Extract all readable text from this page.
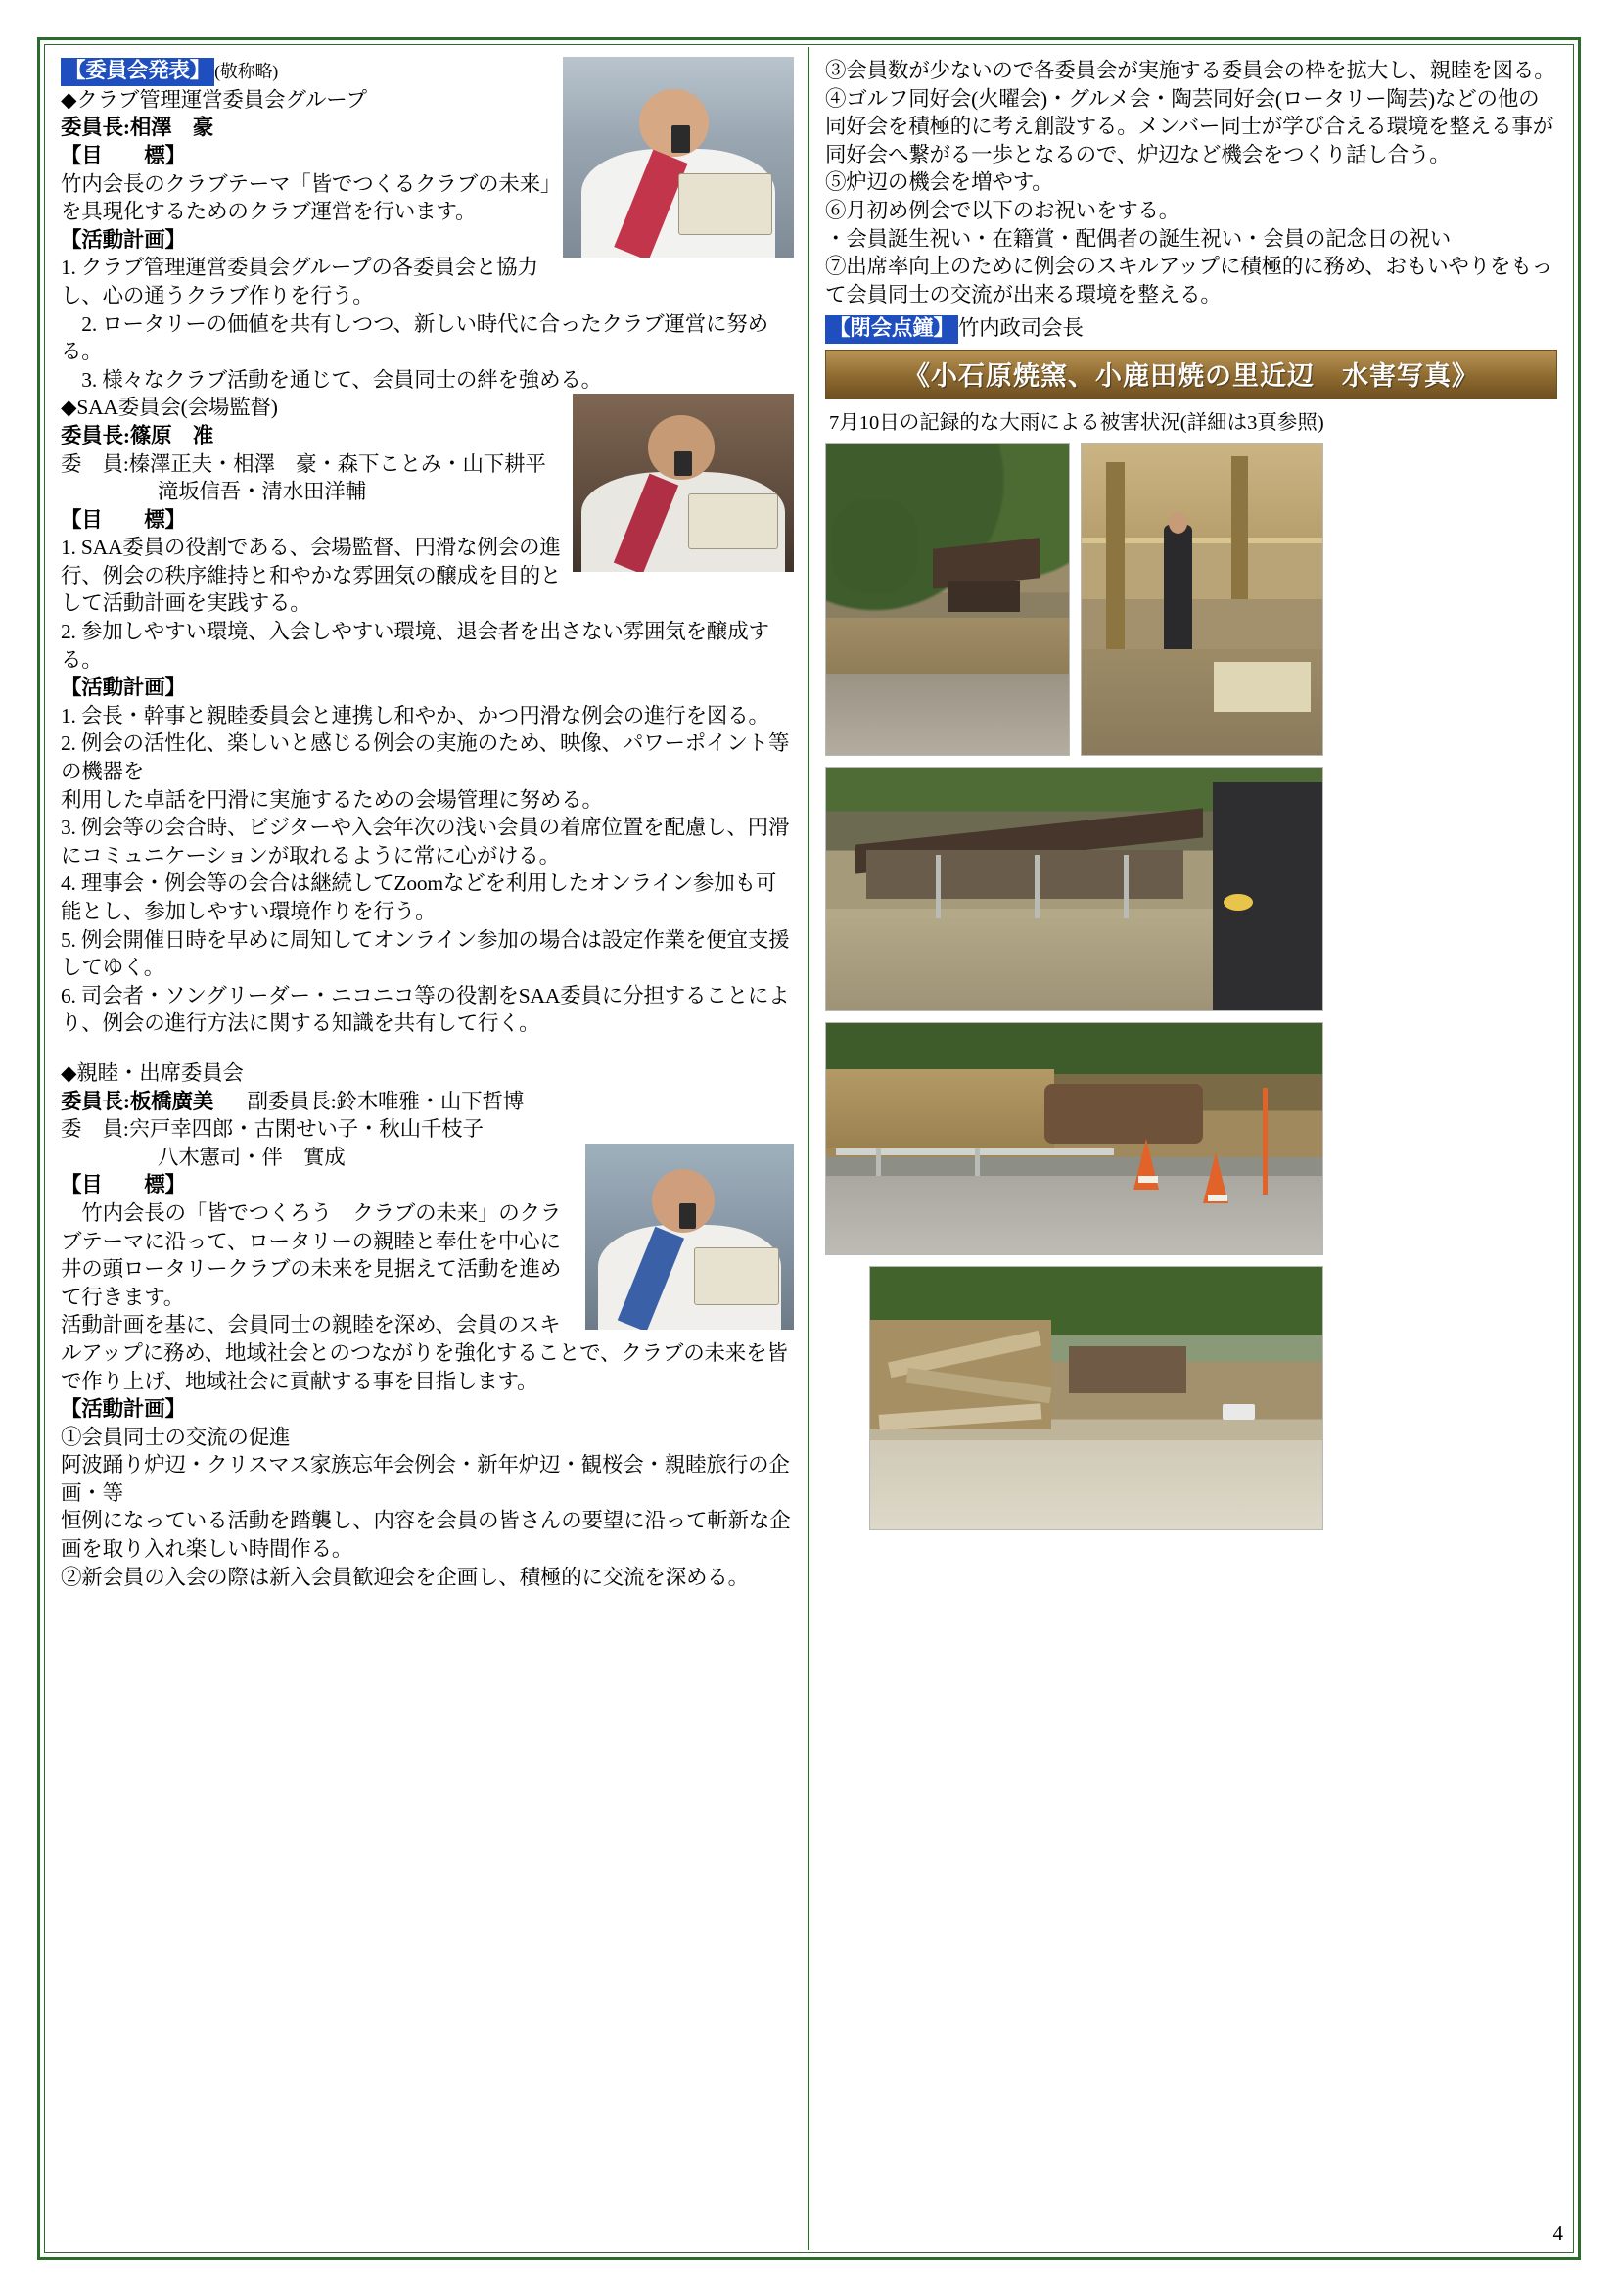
【委員会発表】 (敬称略)

◆クラブ管理運営委員会グループ

委員長:相澤　豪

【目　　標】

竹内会長のクラブテーマ「皆でつくるクラブの未来」を具現化するためのクラブ運営を行います。

【活動計画】

1. クラブ管理運営委員会グループの各委員会と協力し、心の通うクラブ作りを行う。

　2. ロータリーの価値を共有しつつ、新しい時代に合ったクラブ運営に努める。

　3. 様々なクラブ活動を通じて、会員同士の絆を強める。

◆SAA委員会(会場監督)

委員長:篠原　准

委　員:榛澤正夫・相澤　豪・森下ことみ・山下耕平

滝坂信吾・清水田洋輔

【目　　標】

1. SAA委員の役割である、会場監督、円滑な例会の進行、例会の秩序維持と和やかな雰囲気の醸成を目的として活動計画を実践する。

2. 参加しやすい環境、入会しやすい環境、退会者を出さない雰囲気を醸成する。

【活動計画】

1. 会長・幹事と親睦委員会と連携し和やか、かつ円滑な例会の進行を図る。

2. 例会の活性化、楽しいと感じる例会の実施のため、映像、パワーポイント等の機器を

利用した卓話を円滑に実施するための会場管理に努める。

3. 例会等の会合時、ビジターや入会年次の浅い会員の着席位置を配慮し、円滑にコミュニケーションが取れるように常に心がける。

4. 理事会・例会等の会合は継続してZoomなどを利用したオンライン参加も可能とし、参加しやすい環境作りを行う。

5. 例会開催日時を早めに周知してオンライン参加の場合は設定作業を便宜支援してゆく。

6. 司会者・ソングリーダー・ニコニコ等の役割をSAA委員に分担することにより、例会の進行方法に関する知識を共有して行く。

◆親睦・出席委員会

委員長:板橋廣美 副委員長:鈴木唯雅・山下哲博

委　員:宍戸幸四郎・古閑せい子・秋山千枝子

八木憲司・伴　實成

【目　　標】

　竹内会長の「皆でつくろう　クラブの未来」のクラブテーマに沿って、ロータリーの親睦と奉仕を中心に井の頭ロータリークラブの未来を見据えて活動を進めて行きます。

活動計画を基に、会員同士の親睦を深め、会員のスキルアップに務め、地域社会とのつながりを強化することで、クラブの未来を皆で作り上げ、地域社会に貢献する事を目指します。

【活動計画】

①会員同士の交流の促進

阿波踊り炉辺・クリスマス家族忘年会例会・新年炉辺・観桜会・親睦旅行の企画・等

恒例になっている活動を踏襲し、内容を会員の皆さんの要望に沿って斬新な企画を取り入れ楽しい時間作る。

②新会員の入会の際は新入会員歓迎会を企画し、積極的に交流を深める。

③会員数が少ないので各委員会が実施する委員会の枠を拡大し、親睦を図る。

④ゴルフ同好会(火曜会)・グルメ会・陶芸同好会(ロータリー陶芸)などの他の同好会を積極的に考え創設する。メンバー同士が学び合える環境を整える事が同好会へ繋がる一歩となるので、炉辺など機会をつくり話し合う。

⑤炉辺の機会を増やす。

⑥月初め例会で以下のお祝いをする。

・会員誕生祝い・在籍賞・配偶者の誕生祝い・会員の記念日の祝い

⑦出席率向上のために例会のスキルアップに積極的に務め、おもいやりをもって会員同士の交流が出来る環境を整える。

【閉会点鐘】 竹内政司会長

《小石原焼窯、小鹿田焼の里近辺　水害写真》
7月10日の記録的な大雨による被害状況(詳細は3頁参照)
4
